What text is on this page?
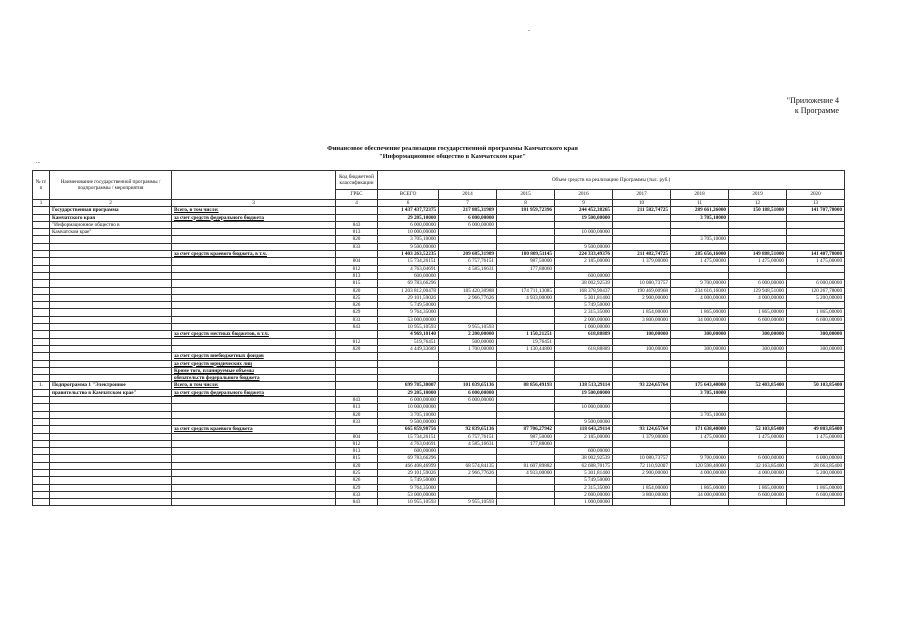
-
"Приложение 4
к Программе
Финансовое обеспечение реализации государственной программы Камчатского края
"Информационное общество в Камчатском крае"
...
№ п/п	Наименование государственной программы / подпрограммы / мероприятия		Код бюджетной классификации	Объем средств на реализацию Программы (тыс. руб.)							
			ГРБС	ВСЕГО	2014	2015	2016	2017	2018	2019	2020
1	2	3	4	6	7	8	9	10	11	12	13
	Государственная программа	Всего, в том числе:		1 437 437,72375	217 885,31989	181 959,72396	244 452,38265	211 582,74725	289 661,26000	150 188,51000	141 707,78000
	Камчатского края	за счет средств федерального бюджета		29 205,10000	6 000,00000		19 500,00000		3 705,10000		
	"Информационное общество в		843	6 000,00000	6 000,00000						
	Камчатском крае"		813	10 000,00000			10 000,00000				
			820	3 705,10000					3 705,10000		
			833	9 500,00000			9 500,00000				
		за счет средств краевого бюджета, в т.ч.		1 403 263,52235	209 685,31989	180 809,51145	224 333,49376	211 482,74725	285 656,16000	149 888,51000	141 407,78000
			804	15 734,26151	6 757,76151	987,50000	2 185,00000	1 379,00000	1 475,00000	1 475,00000	1 475,00000
			812	4 763,04691	4 585,16631	177,88060					
			813	600,00000			600,00000				
			815	69 783,66296			38 002,92539	10 080,73757	9 700,00000	6 000,00000	6 000,00000
			820	1 203 812,00478	185 420,30988	174 711,13085	168 378,90437	190 469,00968	234 616,16000	129 948,51000	120 267,78000
			825	29 101,59026	2 966,77626	4 933,00000	5 301,81400	2 900,00000	4 000,00000	4 000,00000	5 200,00000
			826	5 749,50000			5 749,50000				
			829	9 764,35000			2 315,35000	1 854,00000	1 865,00000	1 865,00000	1 865,00000
			833	53 000,00000			2 000,00000	3 800,00000	34 000,00000	6 600,00000	6 600,00000
			843	10 955,10593	9 955,10593		1 000,00000				
		за счет средств местных бюджетов, в т.ч.		4 969,10140	2 200,00000	1 150,21251	618,88889	100,00000	300,00000	300,00000	300,00000
			812	519,76451	500,00000	19,76451					
			820	4 449,33689	1 700,00000	1 130,44800	618,88889	100,00000	300,00000	300,00000	300,00000
		за счет средств внебюджетных фондов									
		за счет средств юридических лиц									
		Кроме того, планируемые объемы									
		обязательств федерального бюджета									
1.	Подпрограмма 1 "Электронное	Всего, в том числе:		699 785,30007	101 039,65136	88 856,49193	138 513,29114	93 224,65764	175 643,40000	52 403,85400	50 103,85400
	правительство в Камчатском крае"	за счет средств федерального бюджета		29 205,10000	6 000,00000		19 500,00000		3 705,10000		
			843	6 000,00000	6 000,00000						
			813	10 000,00000			10 000,00000				
			820	3 705,10000					3 705,10000		
			833	9 500,00000			9 500,00000				
		за счет средств краевого бюджета		665 859,98756	92 839,65136	87 706,27942	118 643,29114	93 124,65764	171 638,40000	52 103,85400	49 803,85400
			804	15 734,26151	6 757,76151	987,50000	2 185,00000	1 379,00000	1 475,00000	1 475,00000	1 475,00000
			812	4 763,04691	4 585,16631	177,88060					
			813	600,00000			600,00000				
			815	69 783,66296			38 002,92539	10 080,73757	9 700,00000	6 000,00000	6 000,00000
			820	466 408,46999	68 574,84135	81 607,89882	62 688,70175	72 110,92007	120 598,40000	32 163,85400	28 663,85400
			825	29 101,59026	2 966,77626	4 933,00000	5 301,81400	2 900,00000	4 000,00000	4 000,00000	5 200,00000
			826	5 749,50000			5 749,50000				
			829	9 764,35000			2 315,35000	1 854,00000	1 865,00000	1 865,00000	1 865,00000
			833	53 000,00000			2 000,00000	3 800,00000	34 000,00000	6 600,00000	6 600,00000
			843	10 955,10593	9 955,10593		1 000,00000				
